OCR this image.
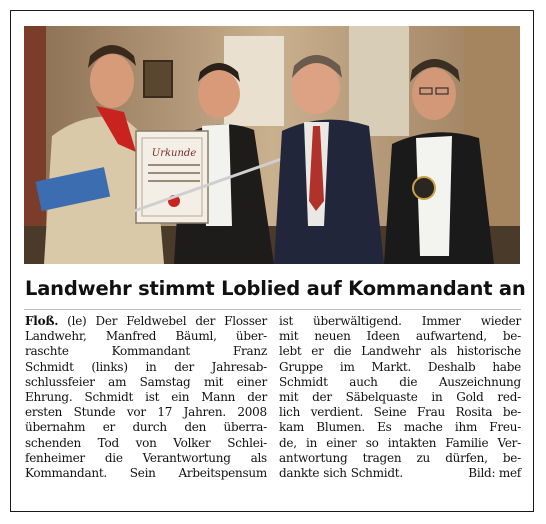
Urkunde
Landwehr stimmt Loblied auf Kommandant an
Floß. (le) Der Feldwebel der Flosser
Landwehr, Manfred Bäuml, über-
raschte	Kommandant	Franz
Schmidt (links) in der Jahresab-
schlussfeier am Samstag mit einer
Ehrung. Schmidt ist ein Mann der
ersten Stunde vor 17 Jahren. 2008
übernahm er durch den überra-
schenden Tod von Volker Schlei-
fenheimer die Verantwortung als
Kommandant. Sein Arbeitspensum
ist überwältigend. Immer wieder
mit neuen Ideen aufwartend, be-
lebt er die Landwehr als historische
Gruppe im Markt. Deshalb habe
Schmidt auch die Auszeichnung
mit der Säbelquaste in Gold red-
lich verdient. Seine Frau Rosita be-
kam Blumen. Es mache ihm Freu-
de, in einer so intakten Familie Ver-
antwortung tragen zu dürfen, be-
dankte sich Schmidt.	Bild: mef
